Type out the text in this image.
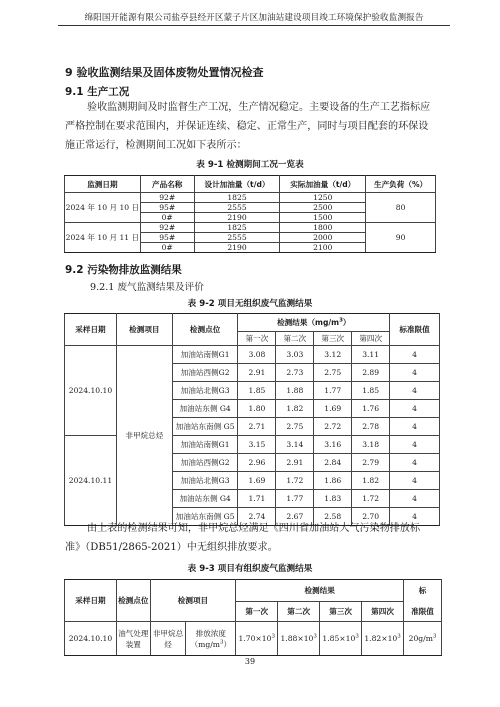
绵阳国开能源有限公司盐亭县经开区蒙子片区加油站建设项目竣工环境保护验收监测报告
9 验收监测结果及固体废物处置情况检查
9.1 生产工况
验收监测期间及时监督生产工况，生产情况稳定。主要设备的生产工艺指标应
严格控制在要求范围内，并保证连续、稳定、正常生产，同时与项目配套的环保设
施正常运行，检测期间工况如下表所示：
表 9-1 检测期间工况一览表
监测日期	产品名称	设计加油量（t/d）	实际加油量（t/d）	生产负荷（%）
2024 年 10 月 10 日	92#	1825	1250	80
	95#	2555	2500	
	0#	2190	1500	
2024 年 10 月 11 日	92#	1825	1800	90
	95#	2555	2000	
	0#	2190	2100	
9.2 污染物排放监测结果
9.2.1 废气监测结果及评价
表 9-2 项目无组织废气监测结果
采样日期	检测项目	检测点位	检测结果$(mg/m^3)$				标准限值
			第一次	第二次	第三次	第四次	
2024.10.10	非甲烷总烃	加油站南侧G1	3.08	3.03	3.12	3.11	4
		加油站西侧G2	2.91	2.73	2.75	2.89	4
		加油站北侧G3	1.85	1.88	1.77	1.85	4
		加油站东侧 G4	1.80	1.82	1.69	1.76	4
		加油站东南侧 G5	2.71	2.75	2.72	2.78	4
2024.10.11		加油站南侧G1	3.15	3.14	3.16	3.18	4
		加油站西侧G2	2.96	2.91	2.84	2.79	4
		加油站北侧G3	1.69	1.72	1.86	1.82	4
		加油站东侧 G4	1.71	1.77	1.83	1.72	4
		加油站东南侧 G5	2.74	2.67	2.58	2.70	4
由上表的检测结果可知，非甲烷总烃满足《四川省加油站大气污染物排放标
准》（DB51/2865-2021）中无组织排放要求。
表 9-3 项目有组织废气监测结果
采样日期	检测点位	检测项目		检测结果				标
				第一次	第二次	第三次	第四次	准限值
2024.10.10	油气处理装置	非甲烷总烃	排放浓度
$(mg/m^3)$	$1.70\times 10^3$	$1.88\times 10^3$	$1.85\times 10^3$	$1.82\times 10^3$	$20g/m^3$
39
